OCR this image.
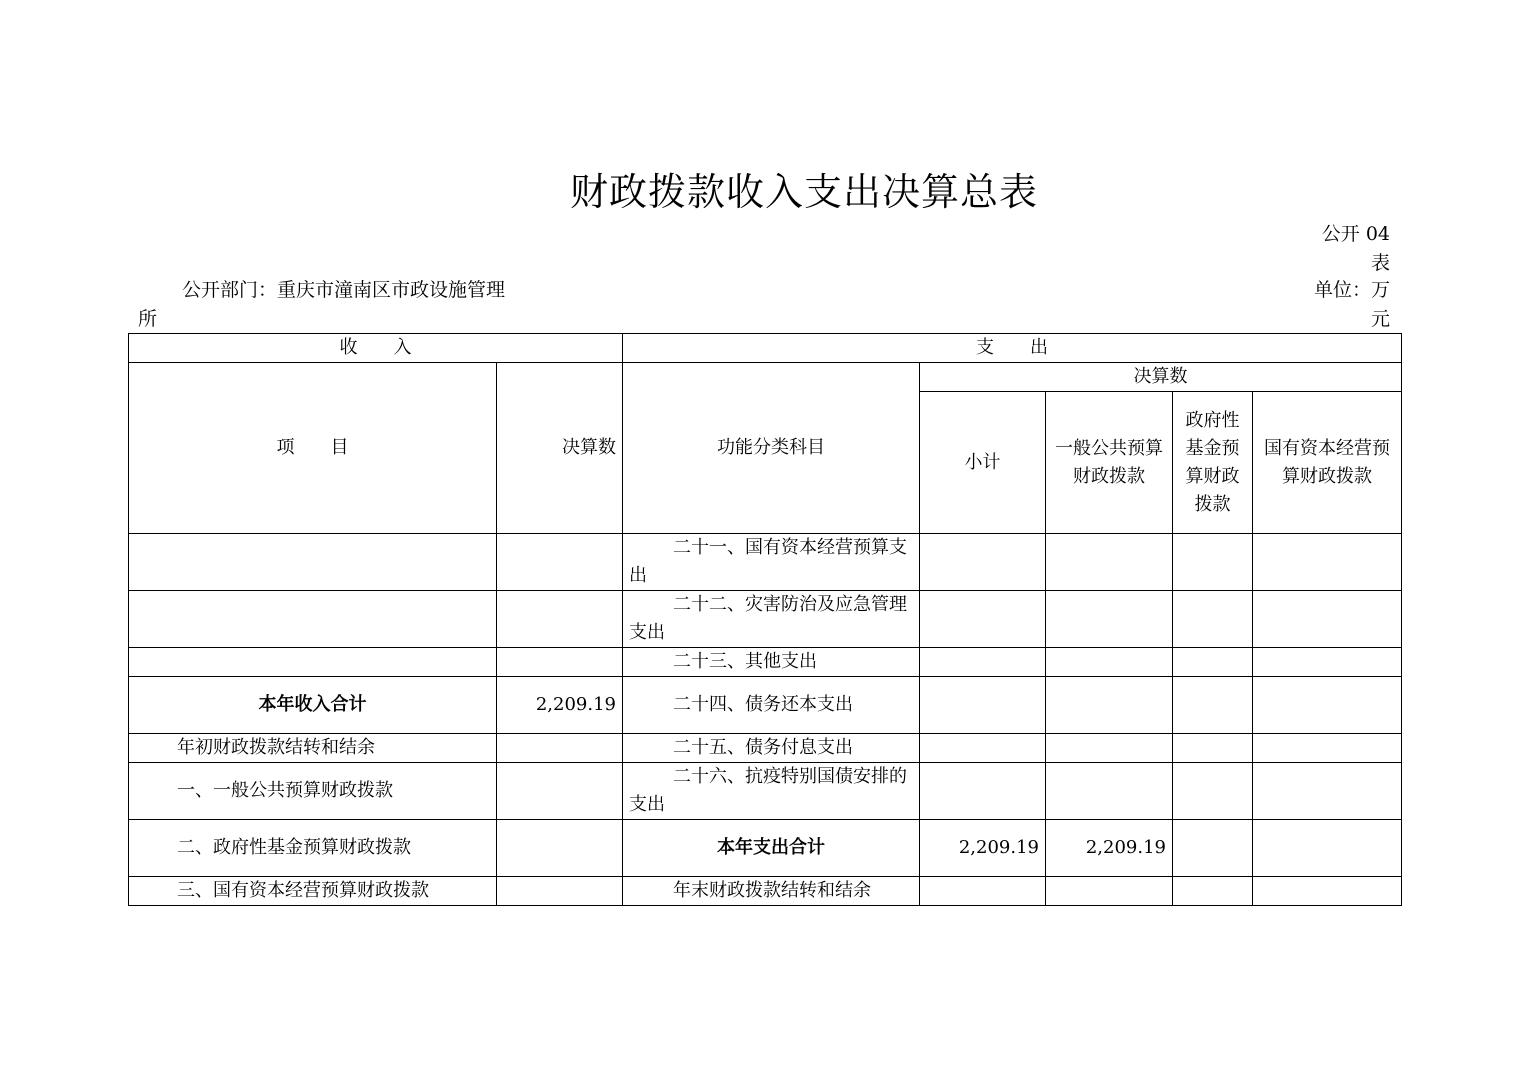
财政拨款收入支出决算总表
公开 04
表
公开部门：重庆市潼南区市政设施管理所
单位：万
元
收　　入		支　　出				
项　　目	决算数	功能分类科目	决算数			
			小计	一般公共预算财政拨款	政府性基金预算财政拨款	国有资本经营预算财政拨款
		二十一、国有资本经营预算支出				
		二十二、灾害防治及应急管理支出				
		二十三、其他支出				
本年收入合计	2,209.19	二十四、债务还本支出				
年初财政拨款结转和结余		二十五、债务付息支出				
一、一般公共预算财政拨款		二十六、抗疫特别国债安排的支出				
二、政府性基金预算财政拨款		本年支出合计	2,209.19	2,209.19		
三、国有资本经营预算财政拨款		年末财政拨款结转和结余				
